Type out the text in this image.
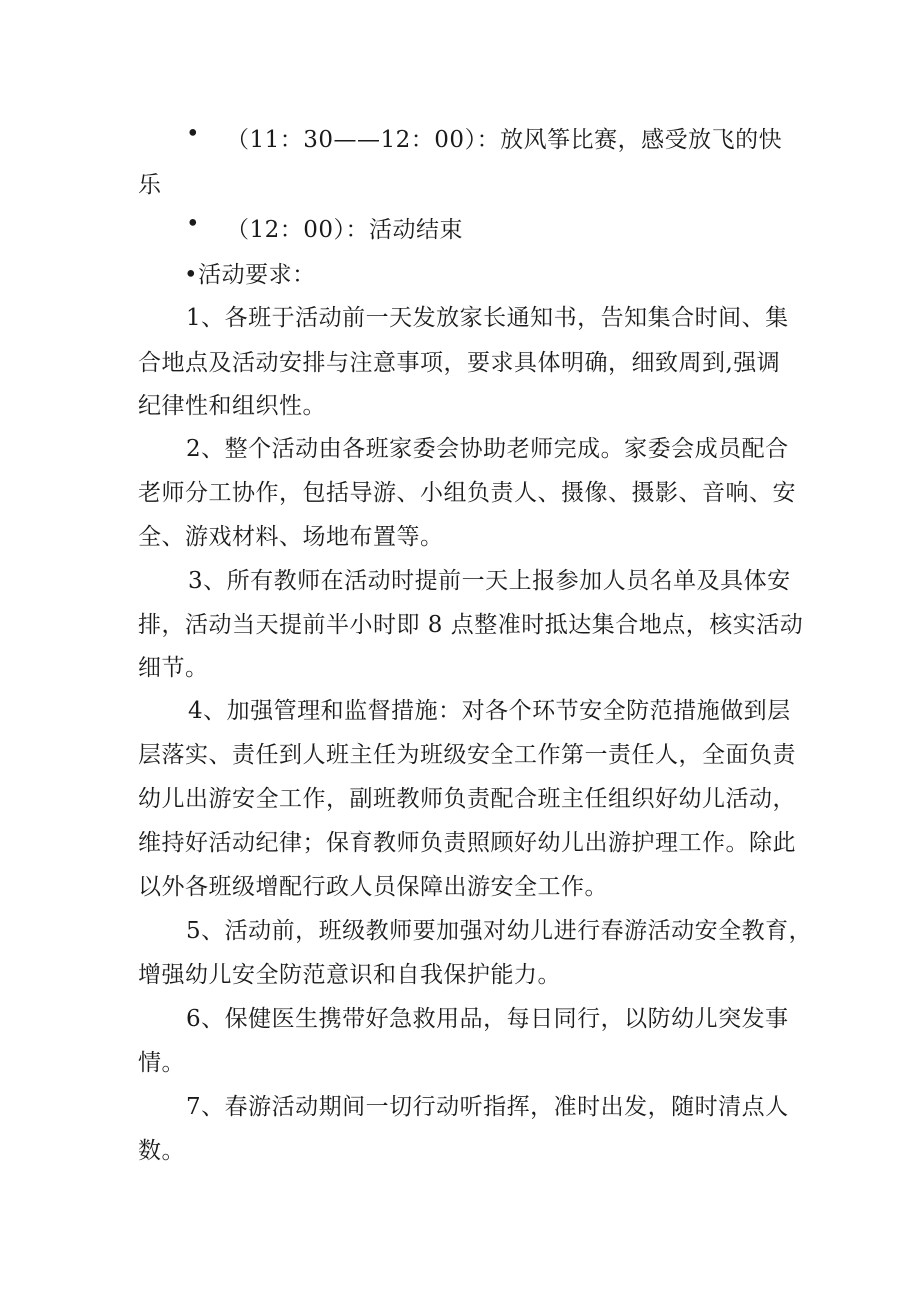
• （11：30——12：00）：放风筝比赛，感受放飞的快
乐
• （12：00）：活动结束
•活动要求：
1、各班于活动前一天发放家长通知书，告知集合时间、集
合地点及活动安排与注意事项，要求具体明确，细致周到,强调
纪律性和组织性。
2、整个活动由各班家委会协助老师完成。家委会成员配合
老师分工协作，包括导游、小组负责人、摄像、摄影、音响、安
全、游戏材料、场地布置等。
3、所有教师在活动时提前一天上报参加人员名单及具体安
排，活动当天提前半小时即 8 点整准时抵达集合地点，核实活动
细节。
4、加强管理和监督措施：对各个环节安全防范措施做到层
层落实、责任到人班主任为班级安全工作第一责任人，全面负责
幼儿出游安全工作，副班教师负责配合班主任组织好幼儿活动，
维持好活动纪律；保育教师负责照顾好幼儿出游护理工作。除此
以外各班级增配行政人员保障出游安全工作。
5、活动前，班级教师要加强对幼儿进行春游活动安全教育，
增强幼儿安全防范意识和自我保护能力。
6、保健医生携带好急救用品，每日同行，以防幼儿突发事
情。
7、春游活动期间一切行动听指挥，准时出发，随时清点人
数。
